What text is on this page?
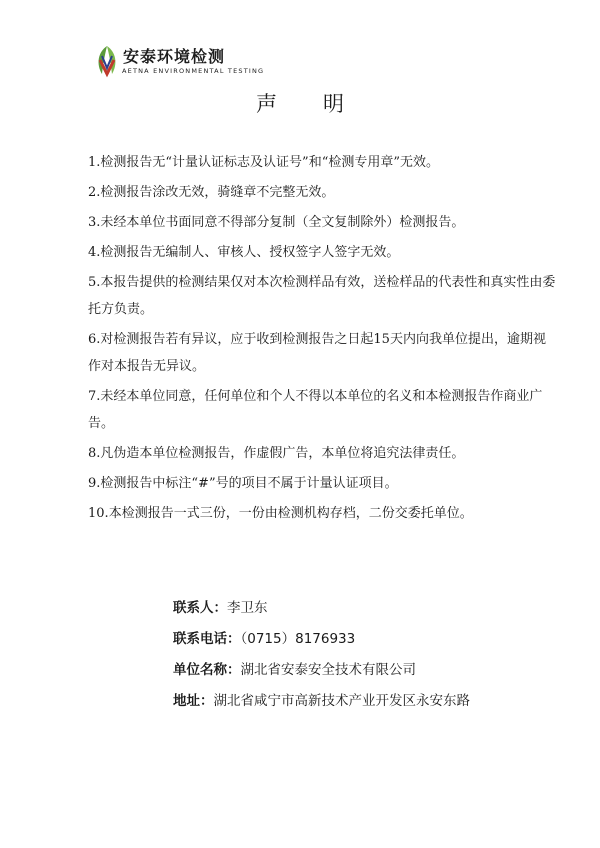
安泰环境检测
AETNA ENVIRONMENTAL TESTING
声明
1.检测报告无“计量认证标志及认证号”和“检测专用章”无效。
2.检测报告涂改无效，骑缝章不完整无效。
3.未经本单位书面同意不得部分复制（全文复制除外）检测报告。
4.检测报告无编制人、审核人、授权签字人签字无效。
5.本报告提供的检测结果仅对本次检测样品有效，送检样品的代表性和真实性由委托方负责。
6.对检测报告若有异议，应于收到检测报告之日起15天内向我单位提出，逾期视作对本报告无异议。
7.未经本单位同意，任何单位和个人不得以本单位的名义和本检测报告作商业广告。
8.凡伪造本单位检测报告，作虚假广告，本单位将追究法律责任。
9.检测报告中标注“#”号的项目不属于计量认证项目。
10.本检测报告一式三份，一份由检测机构存档，二份交委托单位。
联系人：李卫东
联系电话：（0715）8176933
单位名称：湖北省安泰安全技术有限公司
地址：湖北省咸宁市高新技术产业开发区永安东路
